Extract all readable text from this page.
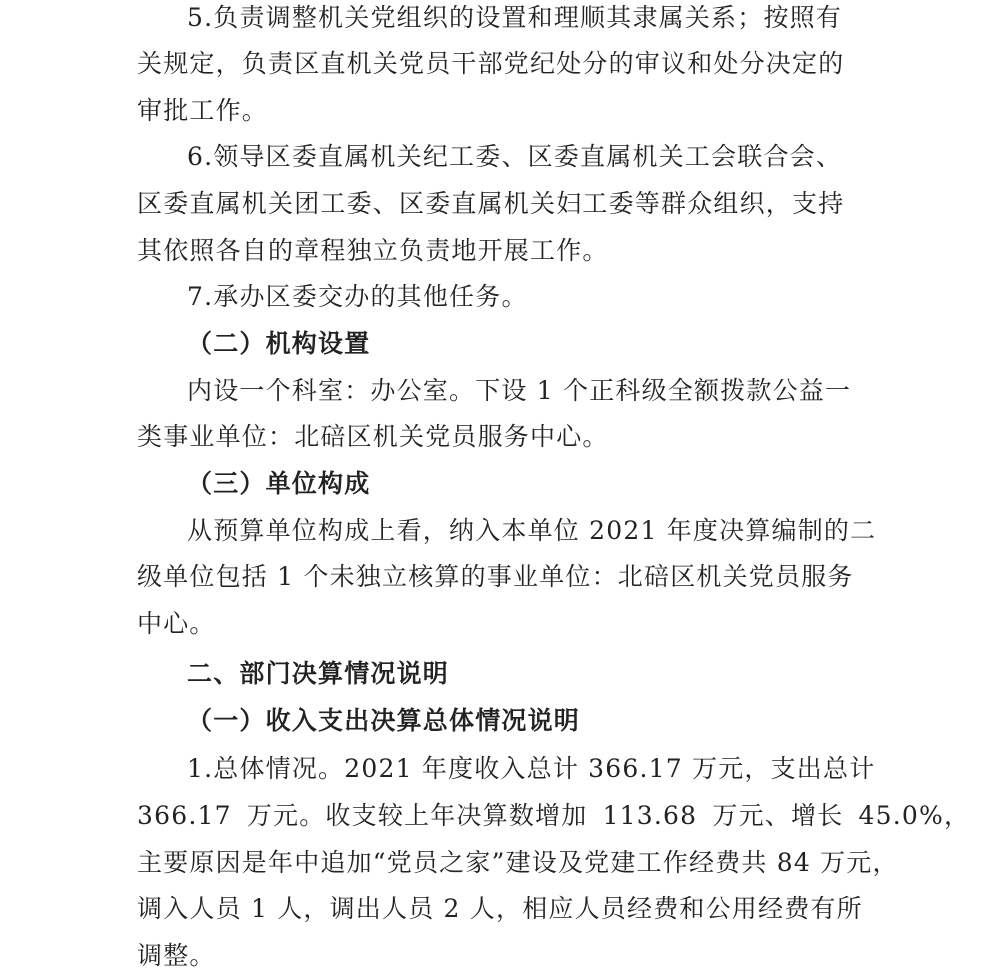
5.负责调整机关党组织的设置和理顺其隶属关系；按照有
关规定，负责区直机关党员干部党纪处分的审议和处分决定的
审批工作。
6.领导区委直属机关纪工委、区委直属机关工会联合会、
区委直属机关团工委、区委直属机关妇工委等群众组织，支持
其依照各自的章程独立负责地开展工作。
7.承办区委交办的其他任务。
（二）机构设置
内设一个科室：办公室。下设 1 个正科级全额拨款公益一
类事业单位：北碚区机关党员服务中心。
（三）单位构成
从预算单位构成上看，纳入本单位 2021 年度决算编制的二
级单位包括 1 个未独立核算的事业单位：北碚区机关党员服务
中心。
二、部门决算情况说明
（一）收入支出决算总体情况说明
1.总体情况。2021 年度收入总计 366.17 万元，支出总计
366.17 万元。收支较上年决算数增加 113.68 万元、增长 45.0%，
主要原因是年中追加“党员之家”建设及党建工作经费共 84 万元，
调入人员 1 人，调出人员 2 人，相应人员经费和公用经费有所
调整。
